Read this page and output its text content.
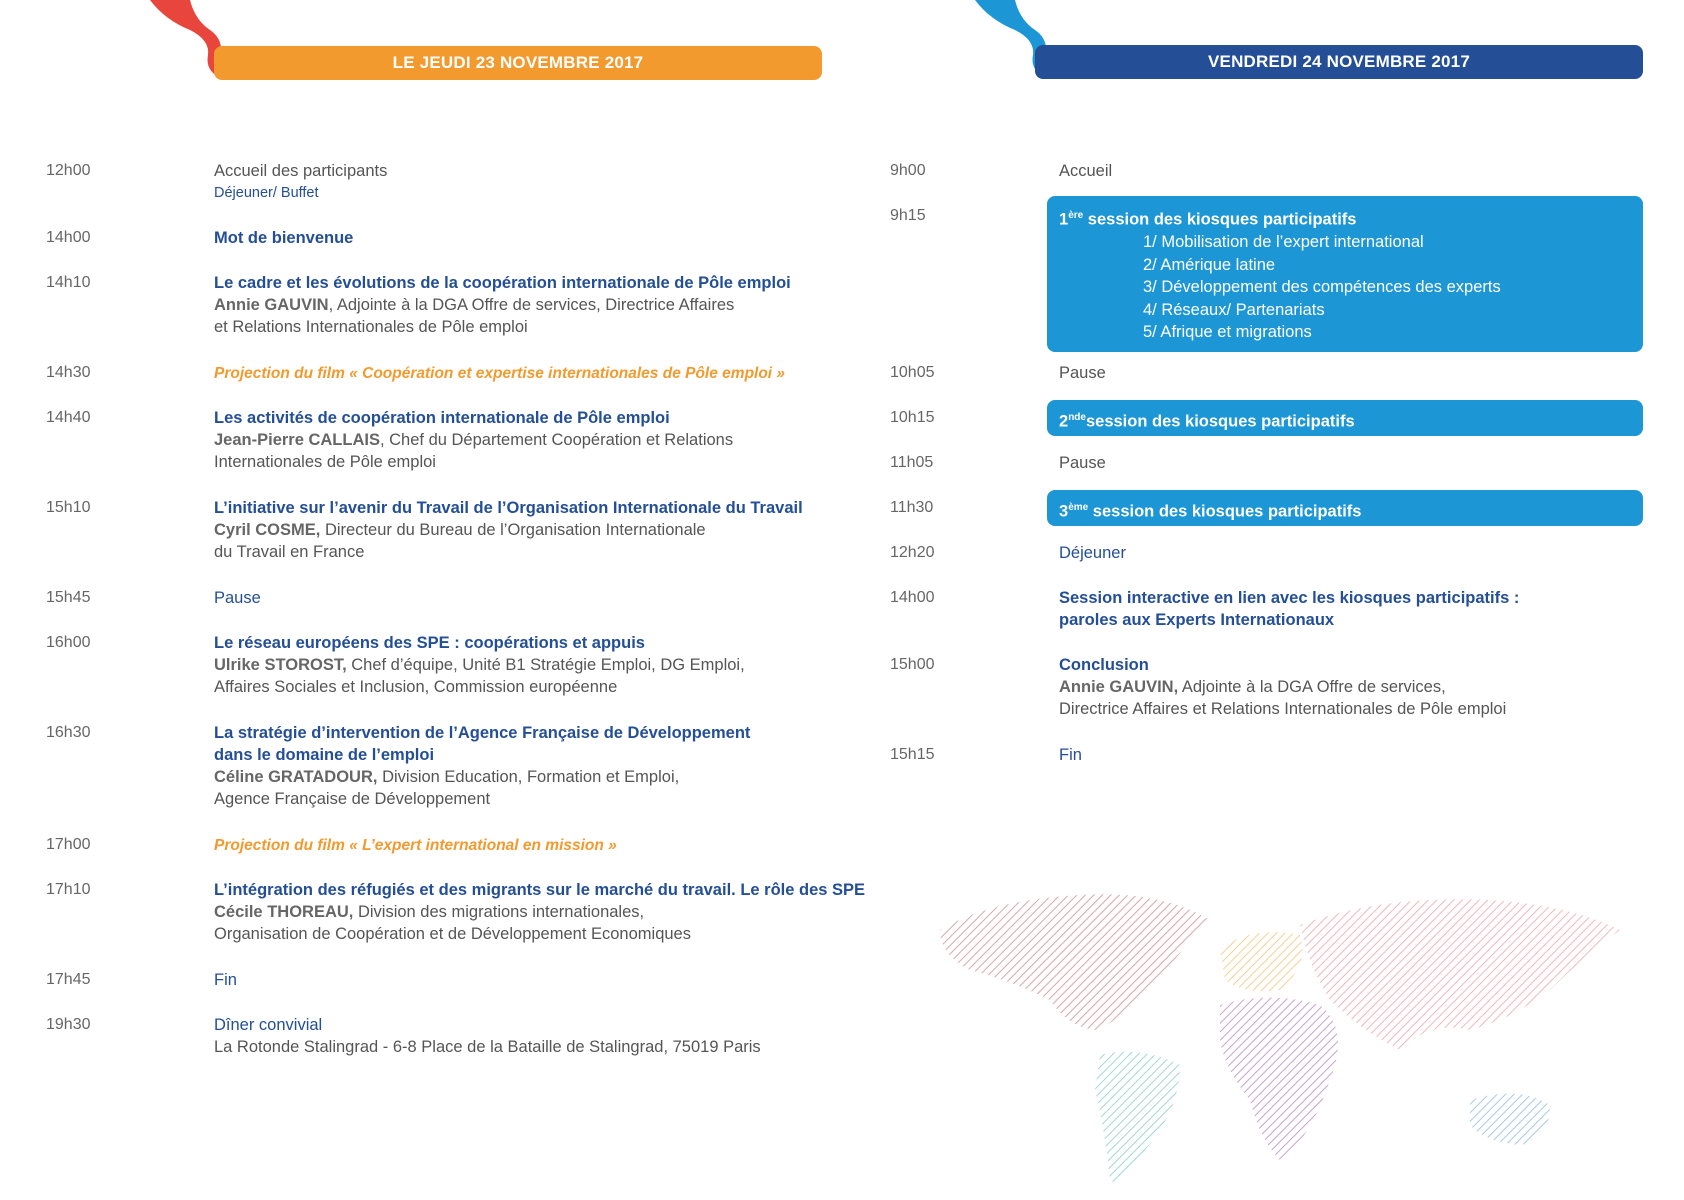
LE JEUDI 23 NOVEMBRE 2017	VENDREDI 24 NOVEMBRE 2017
12h00	Accueil des participants
Déjeuner/ Buffet
14h00	Mot de bienvenue
14h10	Le cadre et les évolutions de la coopération internationale de Pôle emploi
Annie GAUVIN, Adjointe à la DGA Offre de services, Directrice Affaires
et Relations Internationales de Pôle emploi
14h30	Projection du film « Coopération et expertise internationales de Pôle emploi »
14h40	Les activités de coopération internationale de Pôle emploi
Jean-Pierre CALLAIS, Chef du Département Coopération et Relations
Internationales de Pôle emploi
15h10	L’initiative sur l’avenir du Travail de l’Organisation Internationale du Travail
Cyril COSME, Directeur du Bureau de l’Organisation Internationale
du Travail en France
15h45	Pause
16h00	Le réseau européens des SPE : coopérations et appuis
Ulrike STOROST, Chef d’équipe, Unité B1 Stratégie Emploi, DG Emploi,
Affaires Sociales et Inclusion, Commission européenne
16h30	La stratégie d’intervention de l’Agence Française de Développement
dans le domaine de l’emploi
Céline GRATADOUR, Division Education, Formation et Emploi,
Agence Française de Développement
17h00	Projection du film « L’expert international en mission »
17h10	L’intégration des réfugiés et des migrants sur le marché du travail. Le rôle des SPE
Cécile THOREAU, Division des migrations internationales,
Organisation de Coopération et de Développement Economiques
17h45	Fin
19h30	Dîner convivial
La Rotonde Stalingrad - 6-8 Place de la Bataille de Stalingrad, 75019 Paris
9h00	Accueil
9h15	1ère session des kiosques participatifs
1/ Mobilisation de l’expert international
2/ Amérique latine
3/ Développement des compétences des experts
4/ Réseaux/ Partenariats
5/ Afrique et migrations
10h05	Pause
10h15	2ndesession des kiosques participatifs
11h05	Pause
11h30	3ème session des kiosques participatifs
12h20	Déjeuner
14h00	Session interactive en lien avec les kiosques participatifs :
paroles aux Experts Internationaux
15h00	Conclusion
Annie GAUVIN, Adjointe à la DGA Offre de services,
Directrice Affaires et Relations Internationales de Pôle emploi
15h15	Fin
